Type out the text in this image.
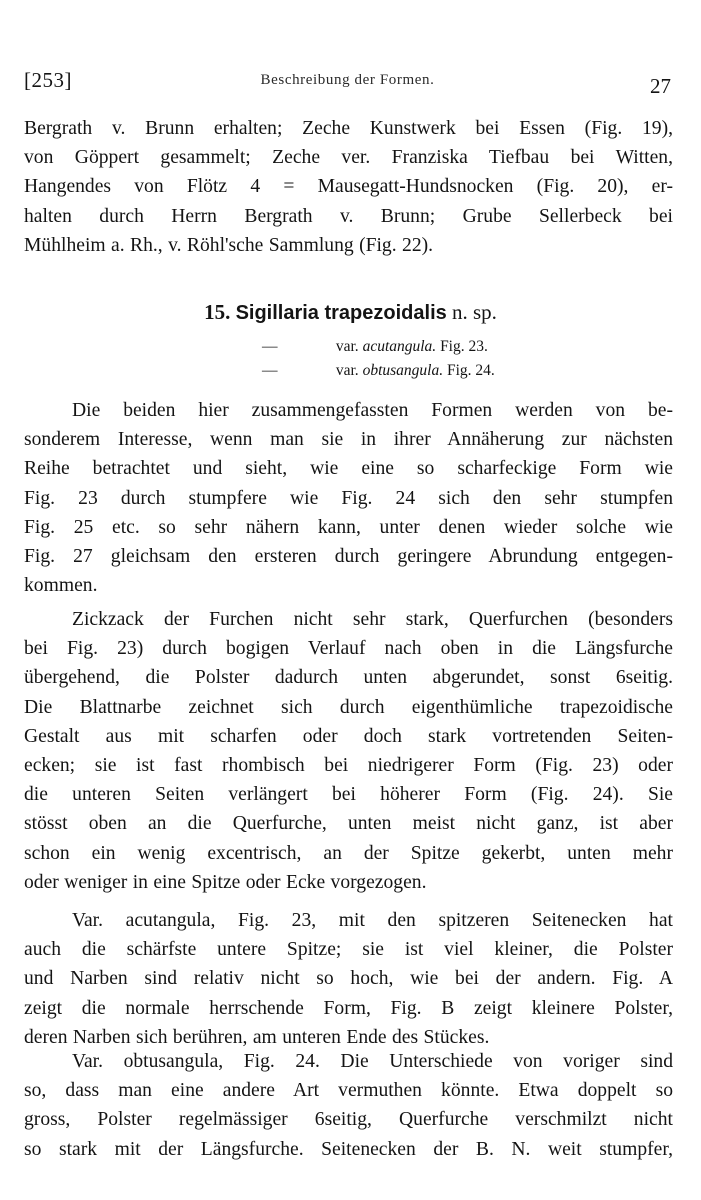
[253]	Beschreibung der Formen.	27
Bergrath v. Brunn erhalten; Zeche Kunstwerk bei Essen (Fig. 19),
von Göppert gesammelt; Zeche ver. Franziska Tiefbau bei Witten,
Hangendes von Flötz 4 = Mausegatt-Hundsnocken (Fig. 20), er-
halten durch Herrn Bergrath v. Brunn; Grube Sellerbeck bei
Mühlheim a. Rh., v. Röhl'sche Sammlung (Fig. 22).
15. Sigillaria trapezoidalis n. sp.
—	var. acutangula. Fig. 23.
—	var. obtusangula. Fig. 24.
Die beiden hier zusammengefassten Formen werden von be-
sonderem Interesse, wenn man sie in ihrer Annäherung zur nächsten
Reihe betrachtet und sieht, wie eine so scharfeckige Form wie
Fig. 23 durch stumpfere wie Fig. 24 sich den sehr stumpfen
Fig. 25 etc. so sehr nähern kann, unter denen wieder solche wie
Fig. 27 gleichsam den ersteren durch geringere Abrundung entgegen-
kommen.
Zickzack der Furchen nicht sehr stark, Querfurchen (besonders
bei Fig. 23) durch bogigen Verlauf nach oben in die Längsfurche
übergehend, die Polster dadurch unten abgerundet, sonst 6seitig.
Die Blattnarbe zeichnet sich durch eigenthümliche trapezoidische
Gestalt aus mit scharfen oder doch stark vortretenden Seiten-
ecken; sie ist fast rhombisch bei niedrigerer Form (Fig. 23) oder
die unteren Seiten verlängert bei höherer Form (Fig. 24). Sie
stösst oben an die Querfurche, unten meist nicht ganz, ist aber
schon ein wenig excentrisch, an der Spitze gekerbt, unten mehr
oder weniger in eine Spitze oder Ecke vorgezogen.
Var. acutangula, Fig. 23, mit den spitzeren Seitenecken hat
auch die schärfste untere Spitze; sie ist viel kleiner, die Polster
und Narben sind relativ nicht so hoch, wie bei der andern. Fig. A
zeigt die normale herrschende Form, Fig. B zeigt kleinere Polster,
deren Narben sich berühren, am unteren Ende des Stückes.
Var. obtusangula, Fig. 24. Die Unterschiede von voriger sind
so, dass man eine andere Art vermuthen könnte. Etwa doppelt so
gross, Polster regelmässiger 6seitig, Querfurche verschmilzt nicht
so stark mit der Längsfurche. Seitenecken der B. N. weit stumpfer,
